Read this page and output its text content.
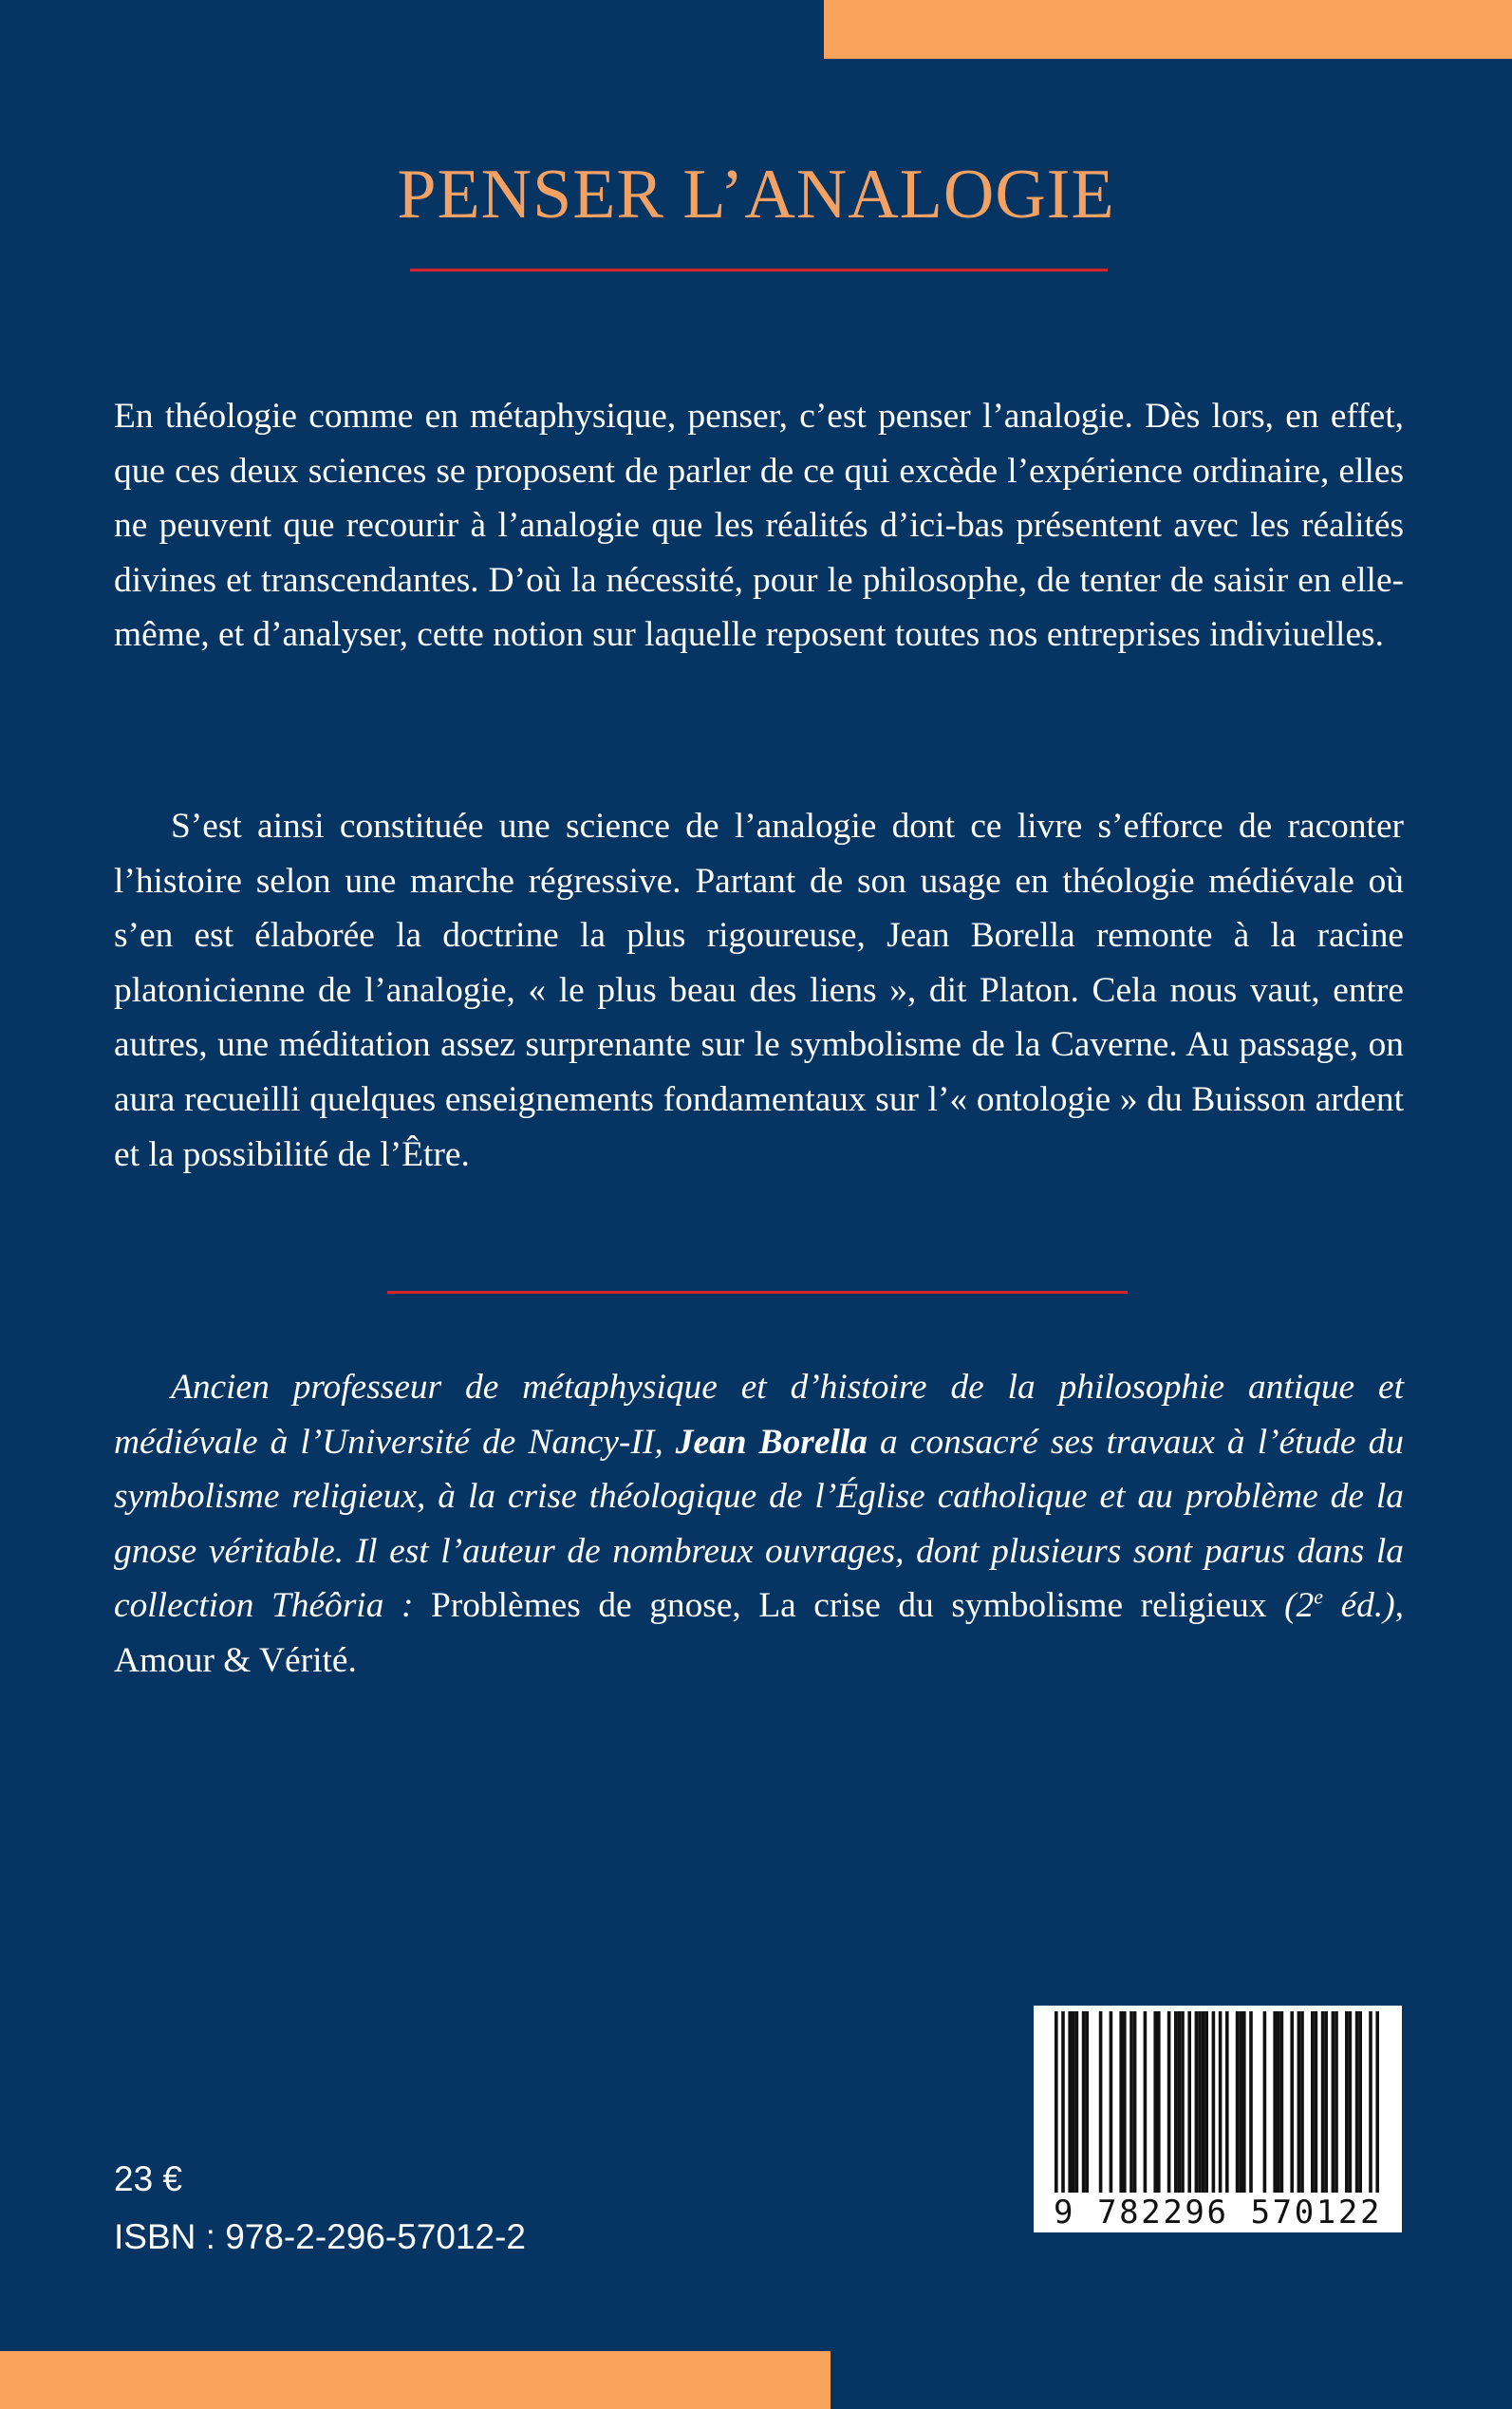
PENSER L’ANALOGIE

En théologie comme en métaphysique, penser, c’est penser l’analogie. Dès lors, en effet, que ces deux sciences se proposent de parler de ce qui excède l’expérience ordinaire, elles ne peuvent que recourir à l’analogie que les réalités d’ici-bas présentent avec les réalités divines et transcendantes. D’où la nécessité, pour le philosophe, de tenter de saisir en elle-même, et d’analyser, cette notion sur laquelle reposent toutes nos entreprises indiviuelles.

S’est ainsi constituée une science de l’analogie dont ce livre s’efforce de raconter l’histoire selon une marche régressive. Partant de son usage en théologie médiévale où s’en est élaborée la doctrine la plus rigoureuse, Jean Borella remonte à la racine platonicienne de l’analogie, « le plus beau des liens », dit Platon. Cela nous vaut, entre autres, une méditation assez surprenante sur le symbolisme de la Caverne. Au passage, on aura recueilli quelques enseignements fondamentaux sur l’« ontologie » du Buisson ardent et la possibilité de l’Être.

Ancien professeur de métaphysique et d’histoire de la philosophie antique et médiévale à l’Université de Nancy-II, Jean Borella a consacré ses travaux à l’étude du symbolisme religieux, à la crise théologique de l’Église catholique et au problème de la gnose véritable. Il est l’auteur de nombreux ouvrages, dont plusieurs sont parus dans la collection Théôria : Problèmes de gnose, La crise du symbolisme religieux (2e éd.), Amour & Vérité.

23 €
ISBN : 978-2-296-57012-2
9 782296 570122
